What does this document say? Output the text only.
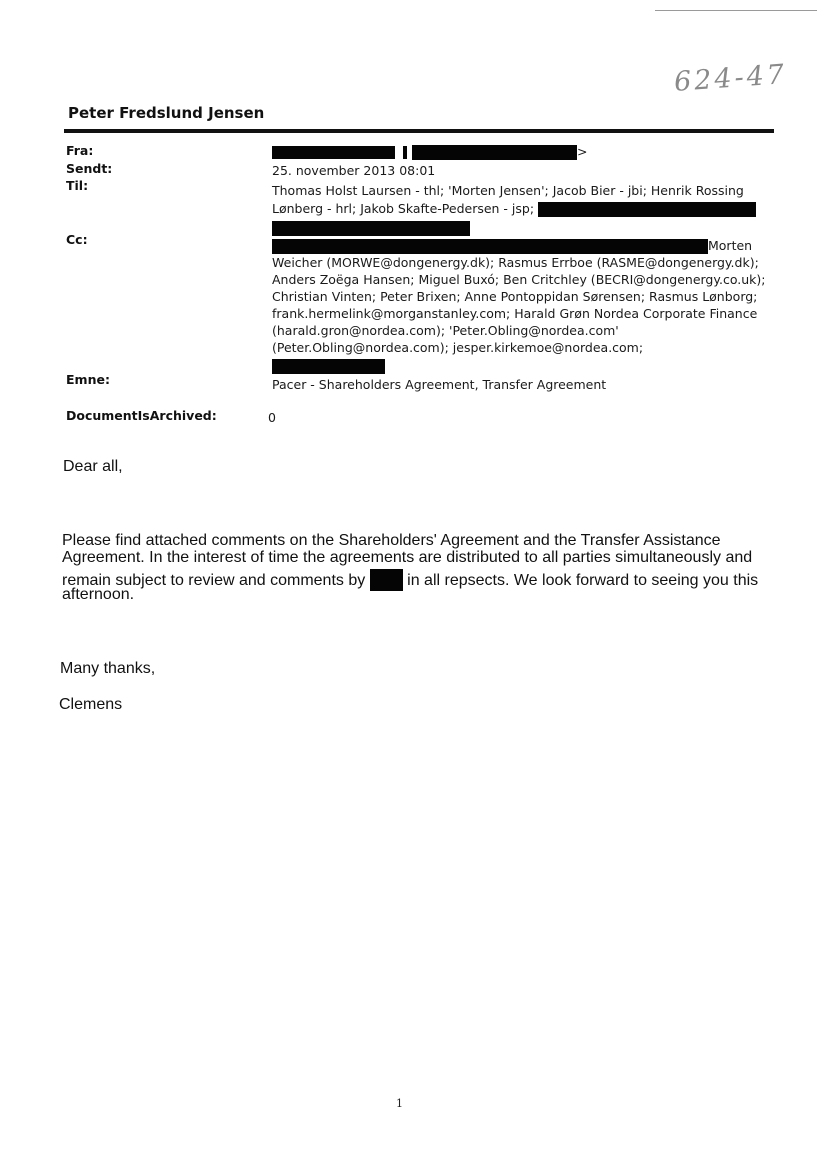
624-47
Peter Fredslund Jensen
Fra:	>
Sendt:	25. november 2013 08:01
Til:	Thomas Holst Laursen - thl; 'Morten Jensen'; Jacob Bier - jbi; Henrik Rossing
Lønberg - hrl; Jakob Skafte-Pedersen - jsp;
Cc:	Morten
Weicher (MORWE@dongenergy.dk); Rasmus Errboe (RASME@dongenergy.dk);
Anders Zoëga Hansen; Miguel Buxó; Ben Critchley (BECRI@dongenergy.co.uk);
Christian Vinten; Peter Brixen; Anne Pontoppidan Sørensen; Rasmus Lønborg;
frank.hermelink@morganstanley.com; Harald Grøn Nordea Corporate Finance
(harald.gron@nordea.com); 'Peter.Obling@nordea.com'
(Peter.Obling@nordea.com); jesper.kirkemoe@nordea.com;
Emne:	Pacer - Shareholders Agreement, Transfer Agreement
DocumentIsArchived:	0
Dear all,
Please find attached comments on the Shareholders' Agreement and the Transfer Assistance
Agreement. In the interest of time the agreements are distributed to all parties simultaneously and
remain subject to review and comments by	in all repsects. We look forward to seeing you this
afternoon.
Many thanks,
Clemens
1
